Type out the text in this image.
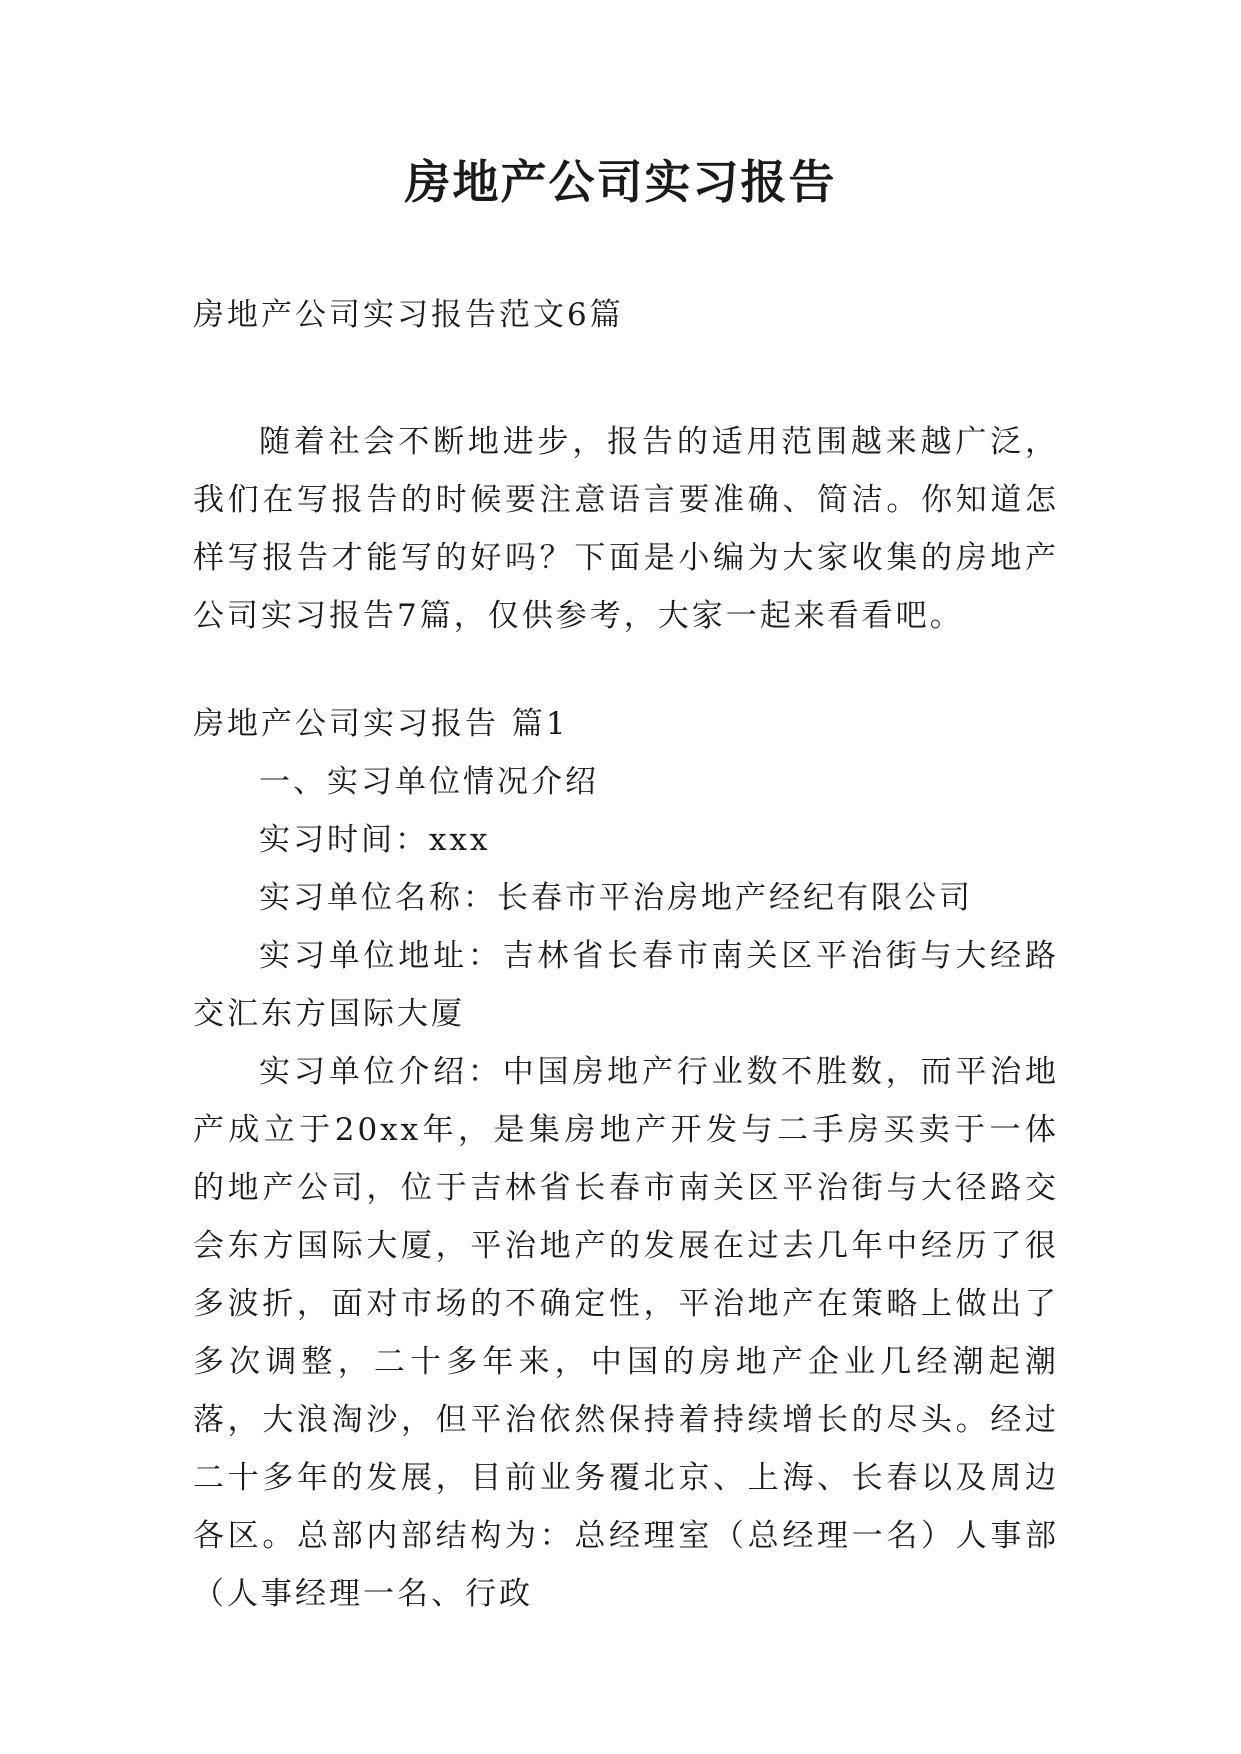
房地产公司实习报告

房地产公司实习报告范文6篇

随着社会不断地进步，报告的适用范围越来越广泛，我们在写报告的时候要注意语言要准确、简洁。你知道怎样写报告才能写的好吗？下面是小编为大家收集的房地产公司实习报告7篇，仅供参考，大家一起来看看吧。

房地产公司实习报告 篇1

一、实习单位情况介绍

实习时间：xxx

实习单位名称：长春市平治房地产经纪有限公司

实习单位地址：吉林省长春市南关区平治街与大经路交汇东方国际大厦

实习单位介绍：中国房地产行业数不胜数，而平治地产成立于20xx年，是集房地产开发与二手房买卖于一体的地产公司，位于吉林省长春市南关区平治街与大径路交会东方国际大厦，平治地产的发展在过去几年中经历了很多波折，面对市场的不确定性，平治地产在策略上做出了多次调整，二十多年来，中国的房地产企业几经潮起潮落，大浪淘沙，但平治依然保持着持续增长的尽头。经过二十多年的发展，目前业务覆北京、上海、长春以及周边各区。总部内部结构为：总经理室（总经理一名）人事部（人事经理一名、行政
